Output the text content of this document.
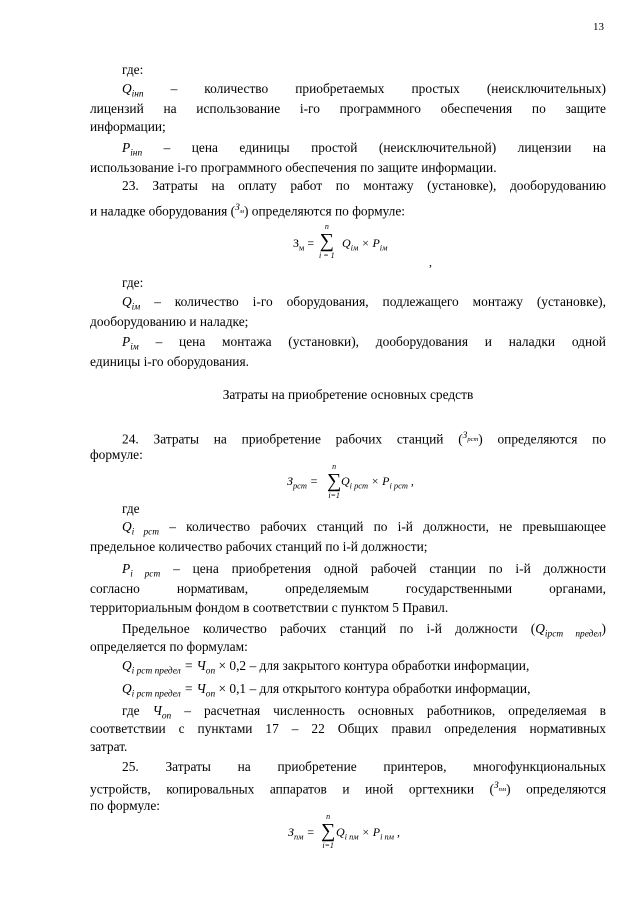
13
где:
$Q_{інп}$ – количество приобретаемых простых (неисключительных)
лицензий на использование i-го программного обеспечения по защите
информации;
$P_{інп}$ – цена единицы простой (неисключительной) лицензии на
использование i-го программного обеспечения по защите информации.
23. Затраты на оплату работ по монтажу (установке), дооборудованию
и наладке оборудования ($^{З_м}$) определяются по формуле:
$З_м$ =
n
∑
i = 1
$Q_{iм} \times P_{iм}$
,
где:
$Q_{iм}$ – количество i-го оборудования, подлежащего монтажу (установке),
дооборудованию и наладке;
$P_{iм}$ – цена монтажа (установки), дооборудования и наладки одной
единицы i-го оборудования.
Затраты на приобретение основных средств
24. Затраты на приобретение рабочих станций ($^{З_{рст}}$) определяются по
формуле:
$З_{рст}$ =
n
∑
i=1
$Q_{i рст} \times P_{i рст}$ ,
где
$Q_{i рст}$ – количество рабочих станций по i-й должности, не превышающее
предельное количество рабочих станций по i-й должности;
$P_{i рст}$ – цена приобретения одной рабочей станции по i-й должности
согласно нормативам, определяемым государственными органами,
территориальным фондом в соответствии с пунктом 5 Правил.
Предельное количество рабочих станций по i-й должности $(Q_{iрст предел})$
определяется по формулам:
$Q_{i рст предел} = Ч_{оп} \times 0,2$ – для закрытого контура обработки информации,
$Q_{i рст предел} = Ч_{оп} \times 0,1$ – для открытого контура обработки информации,
где $Ч_{оп}$ – расчетная численность основных работников, определяемая в
соответствии с пунктами 17 – 22 Общих правил определения нормативных
затрат.
25. Затраты на приобретение принтеров, многофункциональных
устройств, копировальных аппаратов и иной оргтехники ($^{З_{пм}}$) определяются
по формуле:
$З_{пм}$ =
n
∑
i=1
$Q_{i пм} \times P_{i пм}$ ,
